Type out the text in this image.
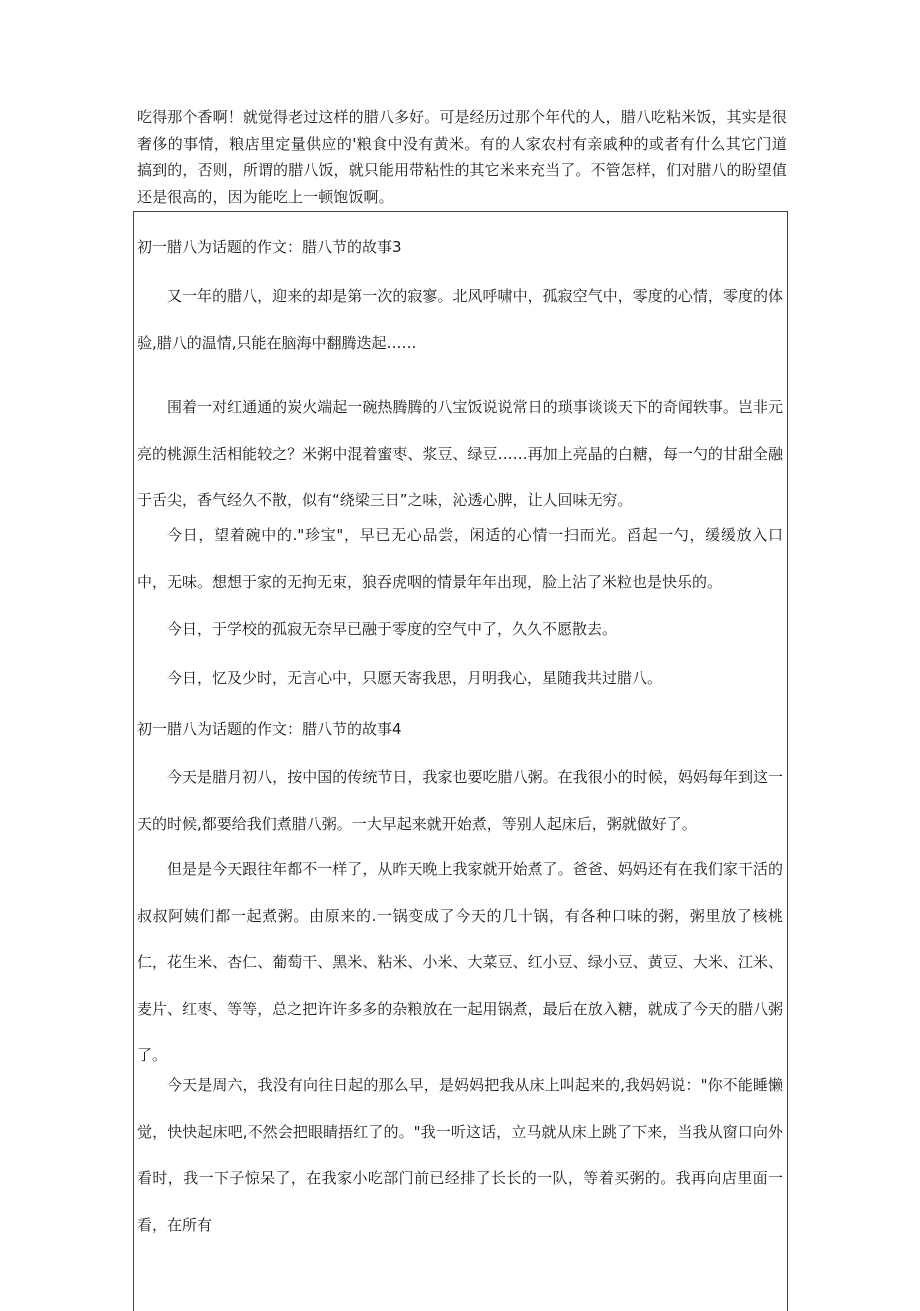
吃得那个香啊！就觉得老过这样的腊八多好。可是经历过那个年代的人，腊八吃粘米饭，其实是很奢侈的事情，粮店里定量供应的'粮食中没有黄米。有的人家农村有亲戚种的或者有什么其它门道搞到的，否则，所谓的腊八饭，就只能用带粘性的其它米来充当了。不管怎样，们对腊八的盼望值还是很高的，因为能吃上一顿饱饭啊。

初一腊八为话题的作文：腊八节的故事3

又一年的腊八，迎来的却是第一次的寂寥。北风呼啸中，孤寂空气中，零度的心情，零度的体验,腊八的温情,只能在脑海中翻腾迭起……

围着一对红通通的炭火端起一碗热腾腾的八宝饭说说常日的琐事谈谈天下的奇闻轶事。岂非元亮的桃源生活相能较之？米粥中混着蜜枣、浆豆、绿豆……再加上亮晶的白糖，每一勺的甘甜全融于舌尖，香气经久不散，似有“绕梁三日”之味，沁透心脾，让人回味无穷。

今日，望着碗中的."珍宝"，早已无心品尝，闲适的心情一扫而光。舀起一勺，缓缓放入口中，无味。想想于家的无拘无束，狼吞虎咽的情景年年出现，脸上沾了米粒也是快乐的。

今日，于学校的孤寂无奈早已融于零度的空气中了，久久不愿散去。

今日，忆及少时，无言心中，只愿天寄我思，月明我心，星随我共过腊八。

初一腊八为话题的作文：腊八节的故事4

今天是腊月初八，按中国的传统节日，我家也要吃腊八粥。在我很小的时候，妈妈每年到这一天的时候,都要给我们煮腊八粥。一大早起来就开始煮，等别人起床后，粥就做好了。

但是是今天跟往年都不一样了，从昨天晚上我家就开始煮了。爸爸、妈妈还有在我们家干活的叔叔阿姨们都一起煮粥。由原来的.一锅变成了今天的几十锅，有各种口味的粥，粥里放了核桃仁，花生米、杏仁、葡萄干、黑米、粘米、小米、大菜豆、红小豆、绿小豆、黄豆、大米、江米、麦片、红枣、等等，总之把许许多多的杂粮放在一起用锅煮，最后在放入糖，就成了今天的腊八粥了。

今天是周六，我没有向往日起的那么早，是妈妈把我从床上叫起来的,我妈妈说："你不能睡懒觉，快快起床吧,不然会把眼睛捂红了的。"我一听这话，立马就从床上跳了下来，当我从窗口向外看时，我一下子惊呆了，在我家小吃部门前已经排了长长的一队，等着买粥的。我再向店里面一看，在所有
